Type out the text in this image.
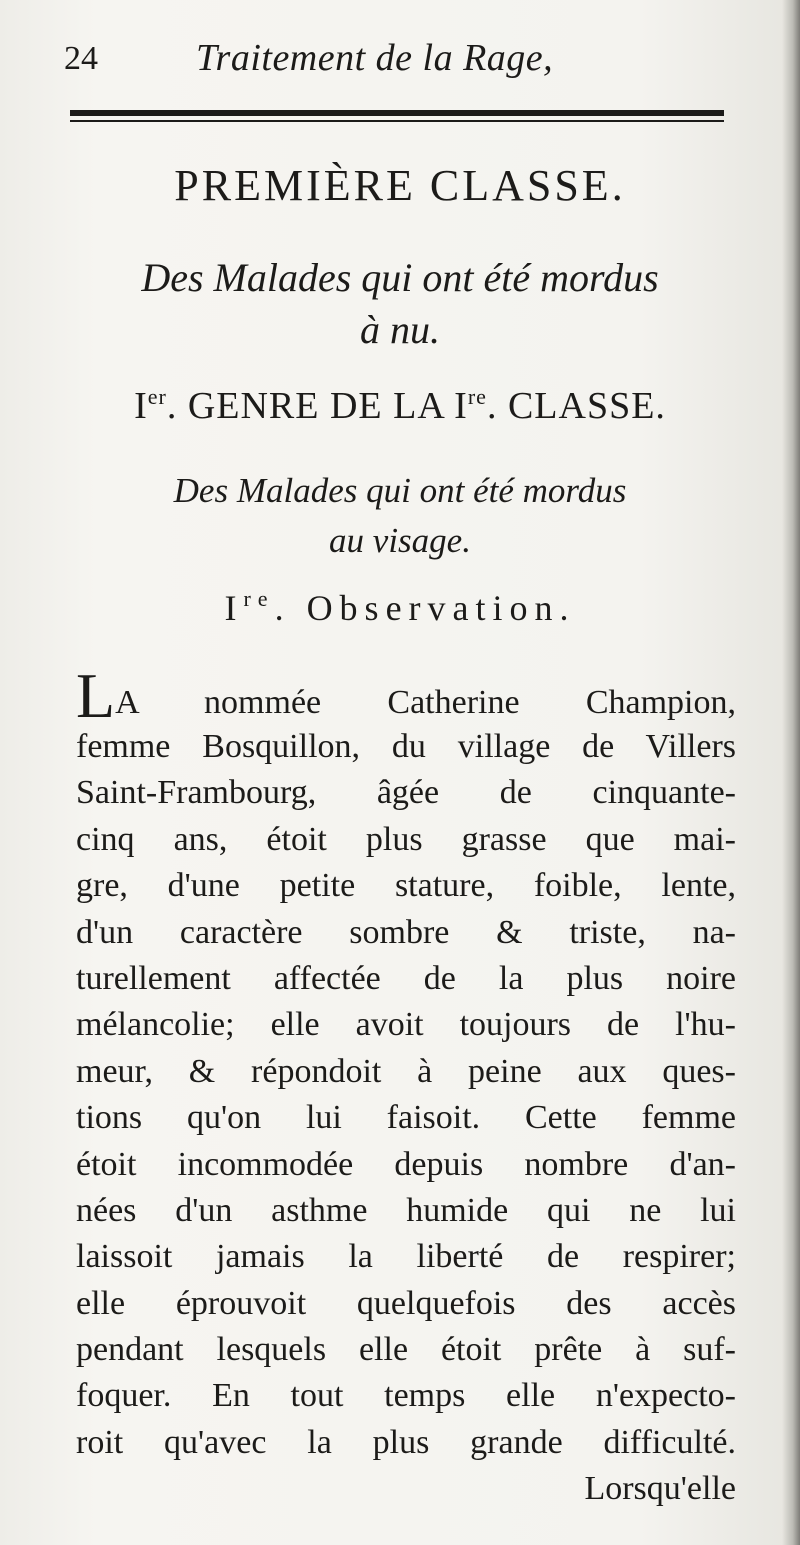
24	Traitement de la Rage,
PREMIÈRE CLASSE.
Des Malades qui ont été mordus
à nu.
Ier. GENRE DE LA Ire. CLASSE.
Des Malades qui ont été mordus
au visage.
Ire. Observation.
LA nommée Catherine Champion,
femme Bosquillon, du village de Villers
Saint-Frambourg, âgée de cinquante-
cinq ans, étoit plus grasse que mai-
gre, d'une petite stature, foible, lente,
d'un caractère sombre & triste, na-
turellement affectée de la plus noire
mélancolie; elle avoit toujours de l'hu-
meur, & répondoit à peine aux ques-
tions qu'on lui faisoit. Cette femme
étoit incommodée depuis nombre d'an-
nées d'un asthme humide qui ne lui
laissoit jamais la liberté de respirer;
elle éprouvoit quelquefois des accès
pendant lesquels elle étoit prête à suf-
foquer. En tout temps elle n'expecto-
roit qu'avec la plus grande difficulté.
Lorsqu'elle
